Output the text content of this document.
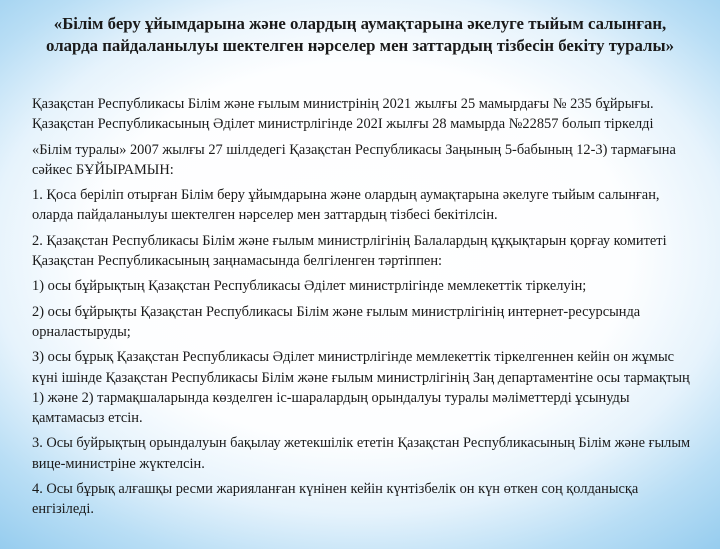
«Білім беру ұйымдарына және олардың аумақтарына әкелуге тыйым салынған, оларда пайдаланылуы шектелген нәрселер мен заттардың тізбесін бекіту туралы»

Қазақстан Республикасы Білім және ғылым министрінің 2021 жылғы 25 мамырдағы № 235 бұйрығы. Қазақстан Республикасының Әділет министрлігінде 202І жылғы 28 мамырда №22857 болып тіркелді

«Білім туралы» 2007 жылғы 27 шілдедегі Қазақстан Республикасы Заңының 5-бабының 12-3) тармағына сәйкес БҰЙЫРАМЫН:

1. Қоса беріліп отырған Білім беру ұйымдарына және олардың аумақтарына әкелуге тыйым салынған, оларда пайдаланылуы шектелген нәрселер мен заттардың тізбесі бекітілсін.

2. Қазақстан Республикасы Білім және ғылым министрлігінің Балалардың құқықтарын қорғау комитеті Қазақстан Республикасының заңнамасында белгіленген тәртіппен:

1) осы бұйрықтың Қазақстан Республикасы Әділет министрлігінде мемлекеттік тіркелуін;

2) осы бұйрықты Қазақстан Республикасы Білім және ғылым министрлігінің интернет-ресурсында орналастыруды;

З) осы бұрық Қазақстан Республикасы Әділет министрлігінде мемлекеттік тіркелгеннен кейін он жұмыс күні ішінде Қазақстан Республикасы Білім және ғылым министрлігінің Заң департаментіне осы тармақтың 1) және 2) тармақшаларында көзделген іс-шаралардың орындалуы туралы мәліметтерді ұсынуды қамтамасыз етсін.

3. Осы буйрықтың орындалуын бақылау жетекшілік ететін Қазақстан Республикасының Білім және ғылым вице-министріне жүктелсін.

4. Осы бұрық алғашқы ресми жарияланған күнінен кейін күнтізбелік он күн өткен соң қолданысқа енгізіледі.
